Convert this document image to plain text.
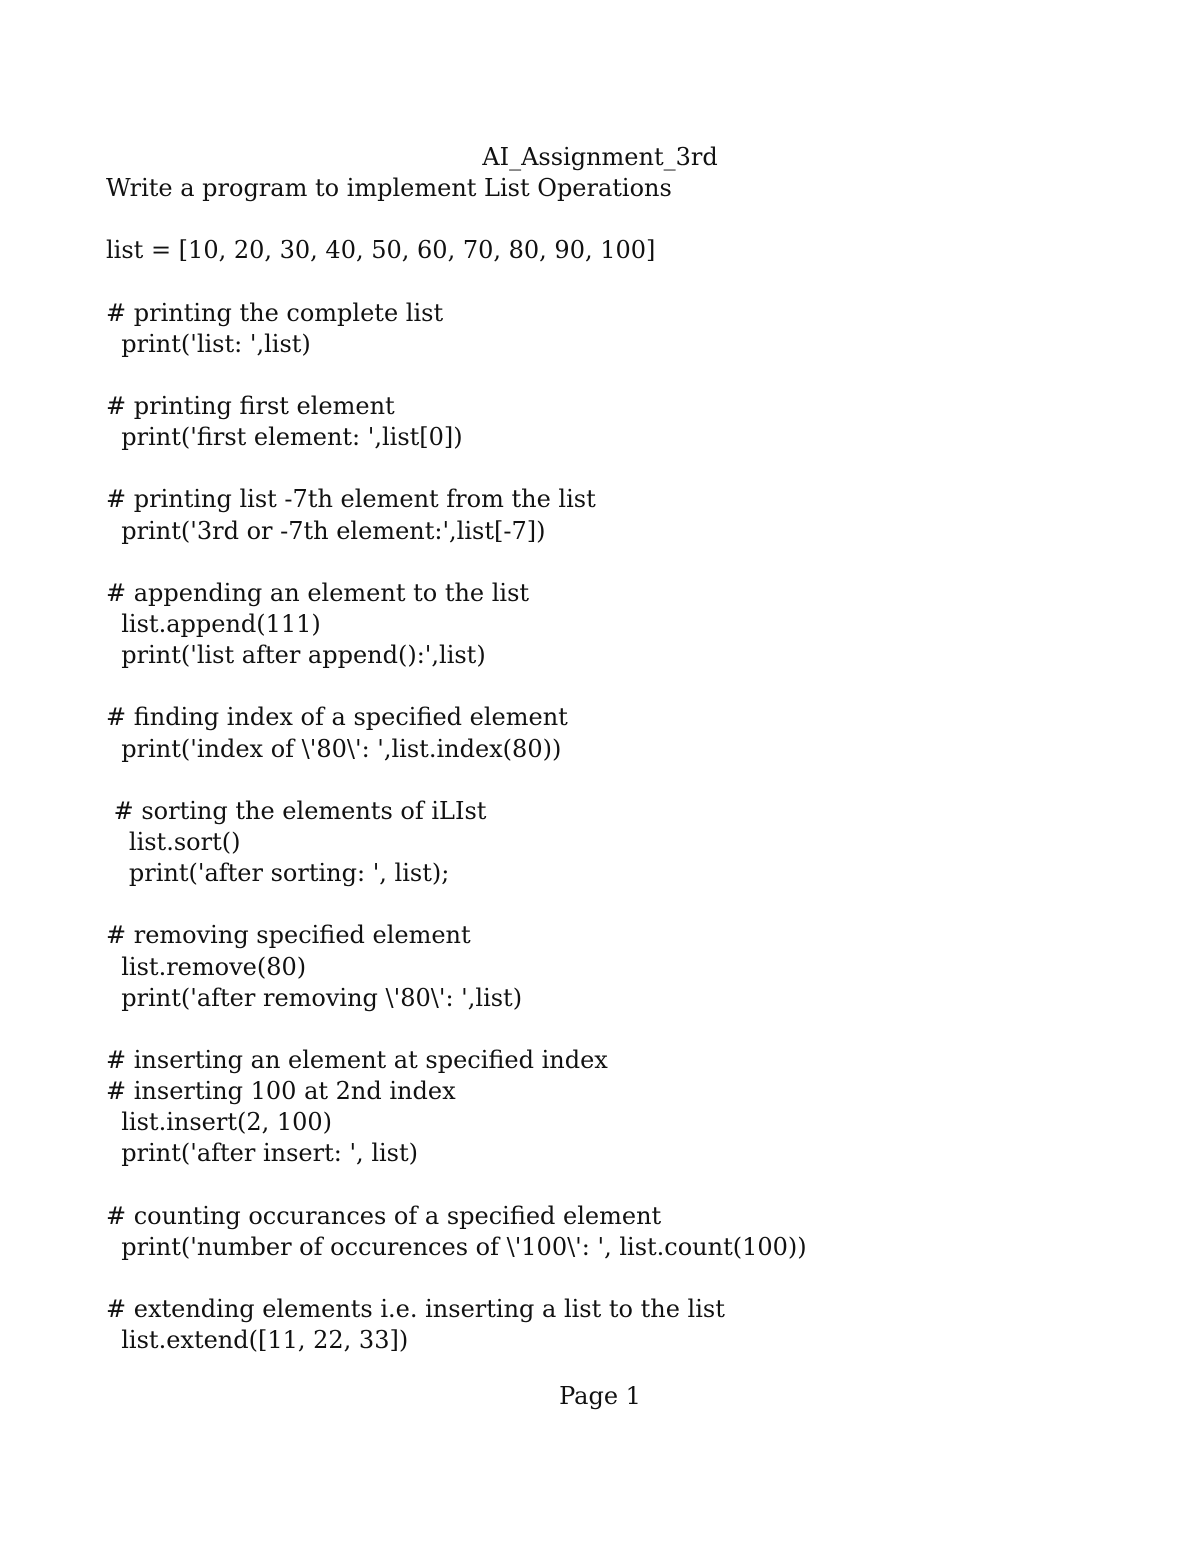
AI_Assignment_3rd
Write a program to implement List Operations
list = [10, 20, 30, 40, 50, 60, 70, 80, 90, 100]
# printing the complete list
print('list: ',list)
# printing first element
print('first element: ',list[0])
# printing list -7th element from the list
print('3rd or -7th element:',list[-7])
# appending an element to the list
list.append(111)
print('list after append():',list)
# finding index of a specified element
print('index of \'80\': ',list.index(80))
# sorting the elements of iLIst
list.sort()
print('after sorting: ', list);
# removing specified element
list.remove(80)
print('after removing \'80\': ',list)
# inserting an element at specified index
# inserting 100 at 2nd index
list.insert(2, 100)
print('after insert: ', list)
# counting occurances of a specified element
print('number of occurences of \'100\': ', list.count(100))
# extending elements i.e. inserting a list to the list
list.extend([11, 22, 33])
Page 1
